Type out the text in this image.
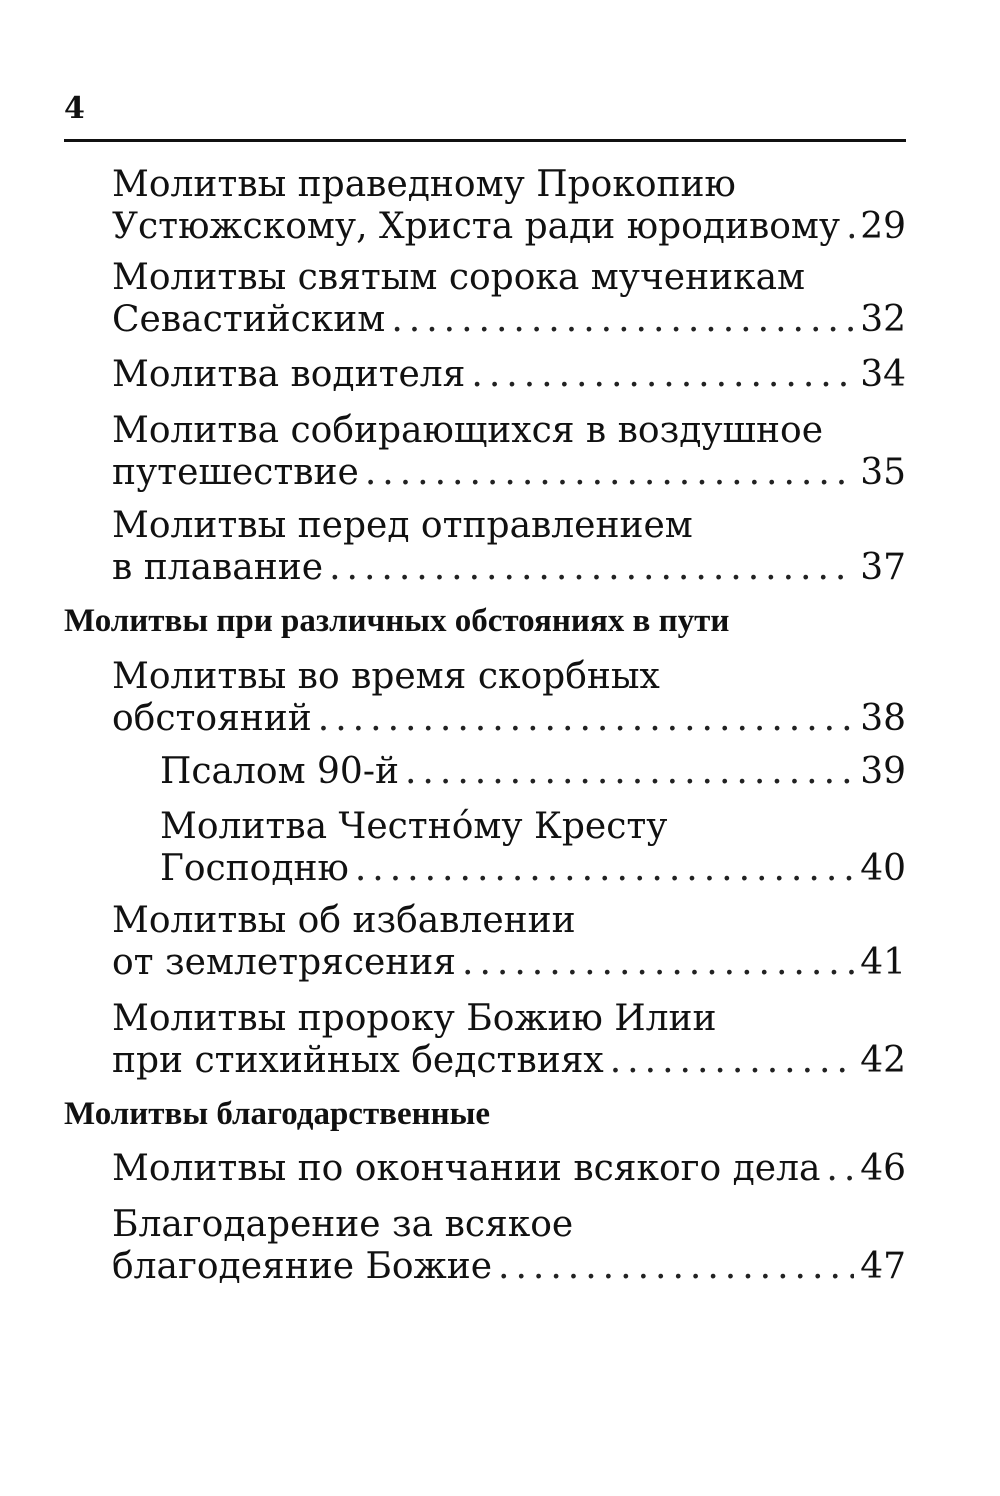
4
Молитвы праведному Прокопию
Устюжскому, Христа ради юродивому ..... 29
Молитвы святым сорока мученикам
Севастийским .....	32
Молитва водителя .....	34
Молитва собирающихся в воздушное
путешествие .....	35
Молитвы перед отправлением
в плавание .....	37
Молитвы при различных обстояниях в пути
Молитвы во время скорбных
обстояний .....	38
Псалом 90-й .....	39
Молитва Честно́му Кресту
Господню .....	40
Молитвы об избавлении
от землетрясения .....	41
Молитвы пророку Божию Илии
при стихийных бедствиях .....	42
Молитвы благодарственные
Молитвы по окончании всякого дела ..... 46
Благодарение за всякое
благодеяние Божие .....	47
